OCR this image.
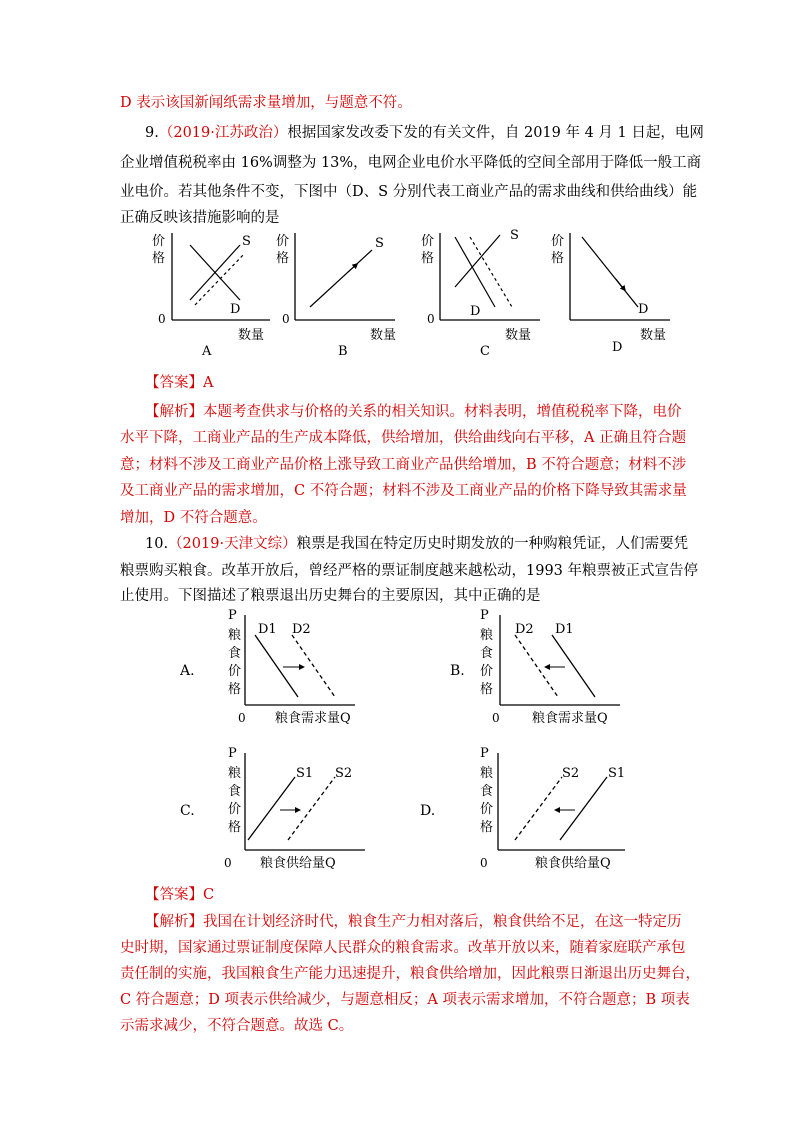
D 表示该国新闻纸需求量增加，与题意不符。
9.（2019·江苏政治）根据国家发改委下发的有关文件，自 2019 年 4 月 1 日起，电网
企业增值税税率由 16%调整为 13%，电网企业电价水平降低的空间全部用于降低一般工商
业电价。若其他条件不变，下图中（D、S 分别代表工商业产品的需求曲线和供给曲线）能
正确反映该措施影响的是
价
格
0
数量
S
D
A
价
格
0
数量
S
B
价
格
0
数量
S
D
C
价
格
数量
D
D
【答案】A
【解析】本题考查供求与价格的关系的相关知识。材料表明，增值税税率下降，电价
水平下降，工商业产品的生产成本降低，供给增加，供给曲线向右平移，A 正确且符合题
意；材料不涉及工商业产品价格上涨导致工商业产品供给增加，B 不符合题意；材料不涉
及工商业产品的需求增加，C 不符合题；材料不涉及工商业产品的价格下降导致其需求量
增加，D 不符合题意。
10.（2019·天津文综）粮票是我国在特定历史时期发放的一种购粮凭证，人们需要凭
粮票购买粮食。改革开放后，曾经严格的票证制度越来越松动，1993 年粮票被正式宣告停
止使用。下图描述了粮票退出历史舞台的主要原因，其中正确的是
A.
P
粮
食
价
格
0 粮食需求量Q
D1 D2
B.
P
粮
食
价
格
0 粮食需求量Q
D2 D1
C.
P
粮
食
价
格
0 粮食供给量Q
S1 S2
D.
P
粮
食
价
格
0	粮食供给量Q
S2 S1
【答案】C
【解析】我国在计划经济时代，粮食生产力相对落后，粮食供给不足，在这一特定历
史时期，国家通过票证制度保障人民群众的粮食需求。改革开放以来，随着家庭联产承包
责任制的实施，我国粮食生产能力迅速提升，粮食供给增加，因此粮票日渐退出历史舞台，
C 符合题意；D 项表示供给减少，与题意相反；A 项表示需求增加，不符合题意；B 项表
示需求减少，不符合题意。故选 C。
